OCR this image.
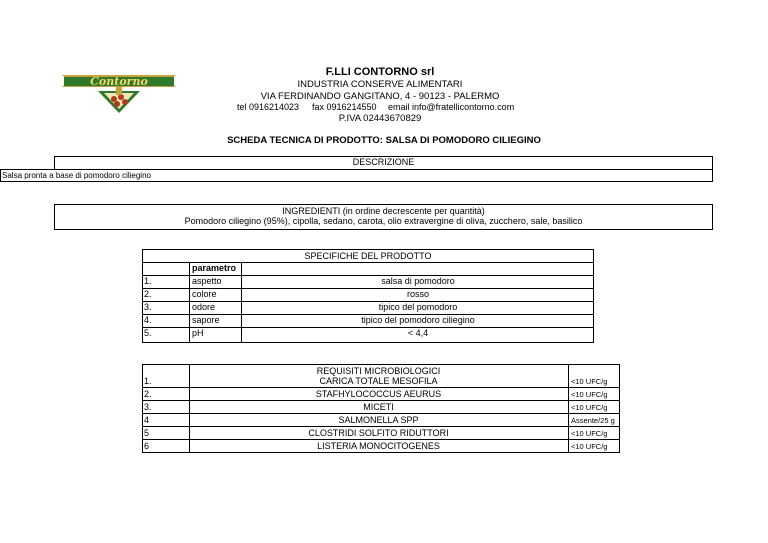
Contorno
F.LLI CONTORNO srl
INDUSTRIA CONSERVE ALIMENTARI
VIA FERDINANDO GANGITANO, 4 - 90123 - PALERMO
tel 0916214023 fax 0916214550 email info@fratellicontorno.com
P.IVA 02443670829
SCHEDA TECNICA DI PRODOTTO: SALSA DI POMODORO CILIEGINO
DESCRIZIONE
Salsa pronta a base di pomodoro ciliegino
INGREDIENTI (in ordine decrescente per quantità)
Pomodoro ciliegino (95%), cipolla, sedano, carota, olio extravergine di oliva, zucchero, sale, basilico
SPECIFICHE DEL PRODOTTO
parametro
1.	aspetto	salsa di pomodoro
2.	colore	rosso
3.	odore	tipico del pomodoro
4.	sapore	tipico del pomodoro ciliegino
5.	pH	< 4,4
REQUISITI MICROBIOLOGICI
1.	CARICA TOTALE MESOFILA	<10 UFC/g
2.	STAFHYLOCOCCUS AEURUS	<10 UFC/g
3.	MICETI	<10 UFC/g
4	SALMONELLA SPP	Assente/25 g
5	CLOSTRIDI SOLFITO RIDUTTORI	<10 UFC/g
6	LISTERIA MONOCITOGENES	<10 UFC/g
